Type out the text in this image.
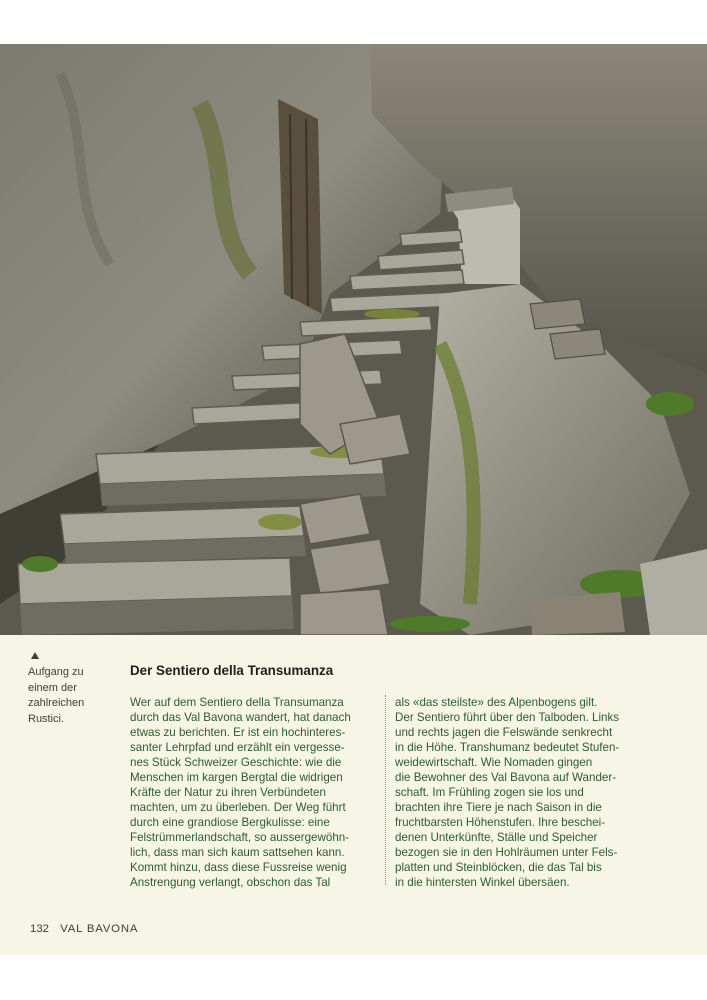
Aufgang zu
einem der
zahlreichen
Rustici.
Der Sentiero della Transumanza
Wer auf dem Sentiero della Transumanza
durch das Val Bavona wandert, hat danach
etwas zu berichten. Er ist ein hochinteres-
santer Lehrpfad und erzählt ein vergesse-
nes Stück Schweizer Geschichte: wie die
Menschen im kargen Bergtal die widrigen
Kräfte der Natur zu ihren Verbündeten
machten, um zu überleben. Der Weg führt
durch eine grandiose Bergkulisse: eine
Felstrümmerlandschaft, so aussergewöhn-
lich, dass man sich kaum sattsehen kann.
Kommt hinzu, dass diese Fussreise wenig
Anstrengung verlangt, obschon das Tal
als «das steilste» des Alpenbogens gilt.
Der Sentiero führt über den Talboden. Links
und rechts jagen die Felswände senkrecht
in die Höhe. Transhumanz bedeutet Stufen-
weidewirtschaft. Wie Nomaden gingen
die Bewohner des Val Bavona auf Wander-
schaft. Im Frühling zogen sie los und
brachten ihre Tiere je nach Saison in die
fruchtbarsten Höhenstufen. Ihre beschei-
denen Unterkünfte, Ställe und Speicher
bezogen sie in den Hohlräumen unter Fels-
platten und Steinblöcken, die das Tal bis
in die hintersten Winkel übersäen.
132 VAL BAVONA
